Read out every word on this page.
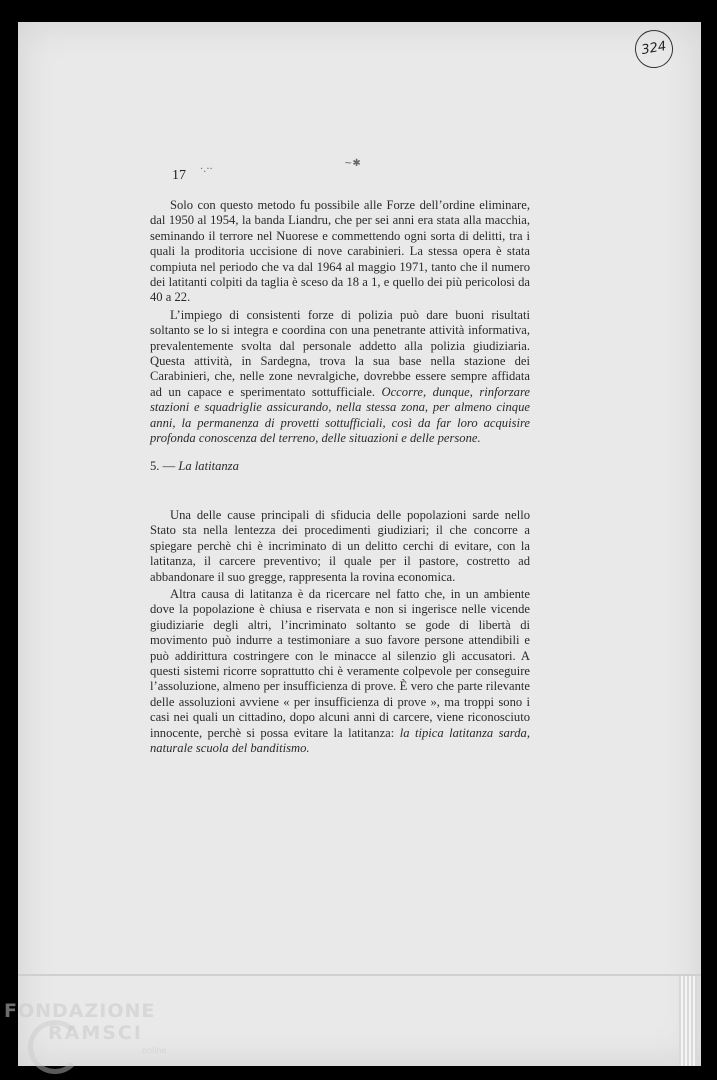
324
~✱
·.··
17

Solo con questo metodo fu possibile alle Forze dell’ordine eliminare, dal 1950 al 1954, la banda Liandru, che per sei anni era stata alla macchia, seminando il terrore nel Nuorese e commettendo ogni sorta di delitti, tra i quali la proditoria uccisione di nove carabinieri. La stessa opera è stata compiuta nel periodo che va dal 1964 al maggio 1971, tanto che il numero dei latitanti colpiti da taglia è sceso da 18 a 1, e quello dei più pericolosi da 40 a 22.

L’impiego di consistenti forze di polizia può dare buoni risultati soltanto se lo si integra e coordina con una penetrante attività informativa, prevalentemente svolta dal personale addetto alla polizia giudiziaria. Questa attività, in Sardegna, trova la sua base nella stazione dei Carabinieri, che, nelle zone nevralgiche, dovrebbe essere sempre affidata ad un capace e sperimentato sottufficiale. Occorre, dunque, rinforzare stazioni e squadriglie assicurando, nella stessa zona, per almeno cinque anni, la permanenza di provetti sottufficiali, così da far loro acquisire profonda conoscenza del terreno, delle situazioni e delle persone.

5. — La latitanza

Una delle cause principali di sfiducia delle popolazioni sarde nello Stato sta nella lentezza dei procedimenti giudiziari; il che concorre a spiegare perchè chi è incriminato di un delitto cerchi di evitare, con la latitanza, il carcere preventivo; il quale per il pastore, costretto ad abbandonare il suo gregge, rappresenta la rovina economica.

Altra causa di latitanza è da ricercare nel fatto che, in un ambiente dove la popolazione è chiusa e riservata e non si ingerisce nelle vicende giudiziarie degli altri, l’incriminato soltanto se gode di libertà di movimento può indurre a testimoniare a suo favore persone attendibili e può addirittura costringere con le minacce al silenzio gli accusatori. A questi sistemi ricorre soprattutto chi è veramente colpevole per conseguire l’assoluzione, almeno per insufficienza di prove. È vero che parte rilevante delle assoluzioni avviene « per insufficienza di prove », ma troppi sono i casi nei quali un cittadino, dopo alcuni anni di carcere, viene riconosciuto innocente, perchè si possa evitare la latitanza: la tipica latitanza sarda, naturale scuola del banditismo.

FONDAZIONE
RAMSCI
online
